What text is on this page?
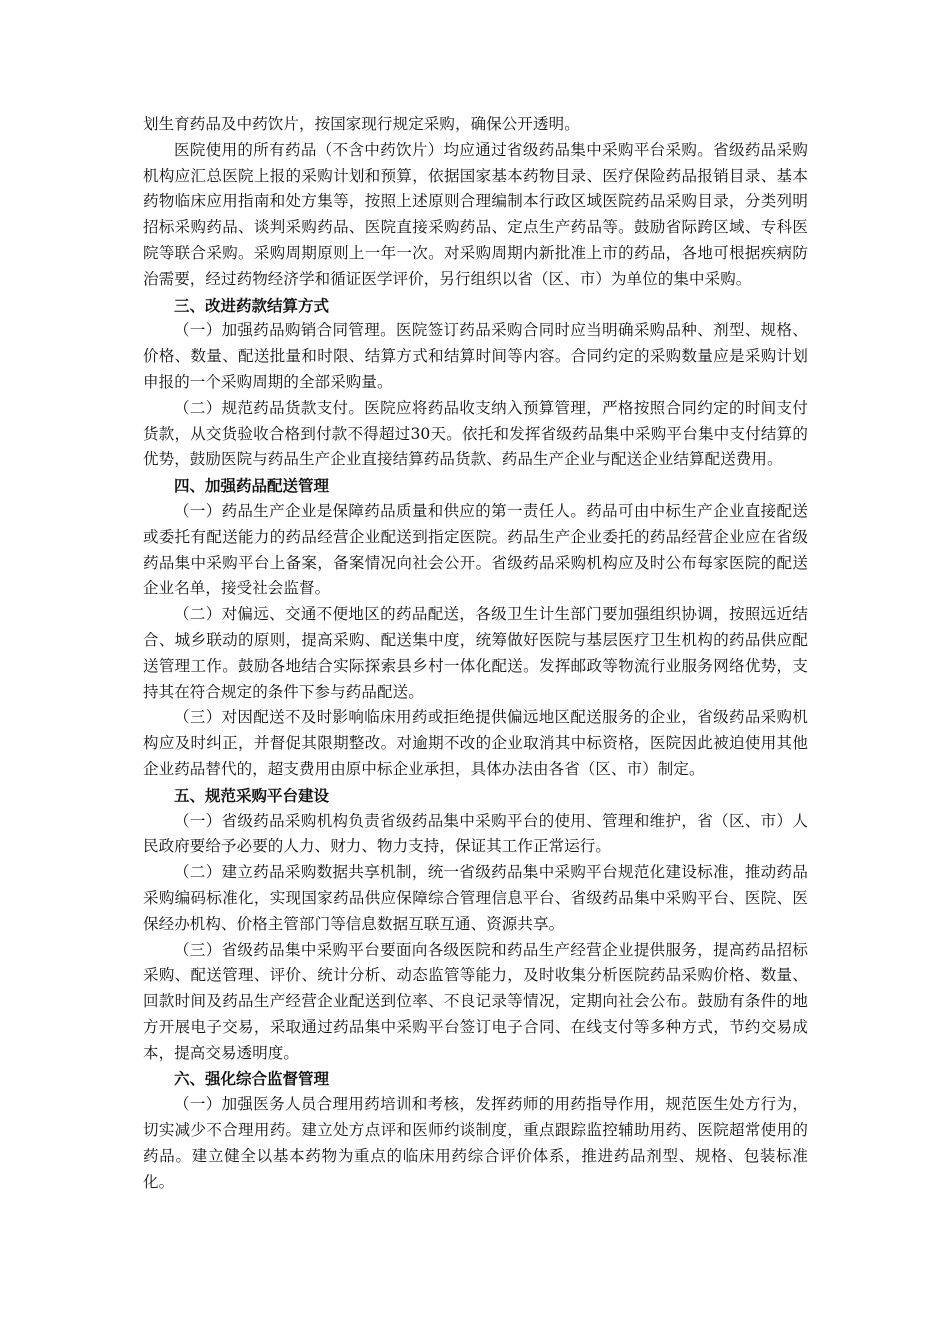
划生育药品及中药饮片，按国家现行规定采购，确保公开透明。

医院使用的所有药品（不含中药饮片）均应通过省级药品集中采购平台采购。省级药品采购机构应汇总医院上报的采购计划和预算，依据国家基本药物目录、医疗保险药品报销目录、基本药物临床应用指南和处方集等，按照上述原则合理编制本行政区域医院药品采购目录，分类列明招标采购药品、谈判采购药品、医院直接采购药品、定点生产药品等。鼓励省际跨区域、专科医院等联合采购。采购周期原则上一年一次。对采购周期内新批准上市的药品，各地可根据疾病防治需要，经过药物经济学和循证医学评价，另行组织以省（区、市）为单位的集中采购。

三、改进药款结算方式

（一）加强药品购销合同管理。医院签订药品采购合同时应当明确采购品种、剂型、规格、价格、数量、配送批量和时限、结算方式和结算时间等内容。合同约定的采购数量应是采购计划申报的一个采购周期的全部采购量。

（二）规范药品货款支付。医院应将药品收支纳入预算管理，严格按照合同约定的时间支付货款，从交货验收合格到付款不得超过30天。依托和发挥省级药品集中采购平台集中支付结算的优势，鼓励医院与药品生产企业直接结算药品货款、药品生产企业与配送企业结算配送费用。

四、加强药品配送管理

（一）药品生产企业是保障药品质量和供应的第一责任人。药品可由中标生产企业直接配送或委托有配送能力的药品经营企业配送到指定医院。药品生产企业委托的药品经营企业应在省级药品集中采购平台上备案，备案情况向社会公开。省级药品采购机构应及时公布每家医院的配送企业名单，接受社会监督。

（二）对偏远、交通不便地区的药品配送，各级卫生计生部门要加强组织协调，按照远近结合、城乡联动的原则，提高采购、配送集中度，统筹做好医院与基层医疗卫生机构的药品供应配送管理工作。鼓励各地结合实际探索县乡村一体化配送。发挥邮政等物流行业服务网络优势，支持其在符合规定的条件下参与药品配送。

（三）对因配送不及时影响临床用药或拒绝提供偏远地区配送服务的企业，省级药品采购机构应及时纠正，并督促其限期整改。对逾期不改的企业取消其中标资格，医院因此被迫使用其他企业药品替代的，超支费用由原中标企业承担，具体办法由各省（区、市）制定。

五、规范采购平台建设

（一）省级药品采购机构负责省级药品集中采购平台的使用、管理和维护，省（区、市）人民政府要给予必要的人力、财力、物力支持，保证其工作正常运行。

（二）建立药品采购数据共享机制，统一省级药品集中采购平台规范化建设标准，推动药品采购编码标准化，实现国家药品供应保障综合管理信息平台、省级药品集中采购平台、医院、医保经办机构、价格主管部门等信息数据互联互通、资源共享。

（三）省级药品集中采购平台要面向各级医院和药品生产经营企业提供服务，提高药品招标采购、配送管理、评价、统计分析、动态监管等能力，及时收集分析医院药品采购价格、数量、回款时间及药品生产经营企业配送到位率、不良记录等情况，定期向社会公布。鼓励有条件的地方开展电子交易，采取通过药品集中采购平台签订电子合同、在线支付等多种方式，节约交易成本，提高交易透明度。

六、强化综合监督管理

（一）加强医务人员合理用药培训和考核，发挥药师的用药指导作用，规范医生处方行为，切实减少不合理用药。建立处方点评和医师约谈制度，重点跟踪监控辅助用药、医院超常使用的药品。建立健全以基本药物为重点的临床用药综合评价体系，推进药品剂型、规格、包装标准化。
